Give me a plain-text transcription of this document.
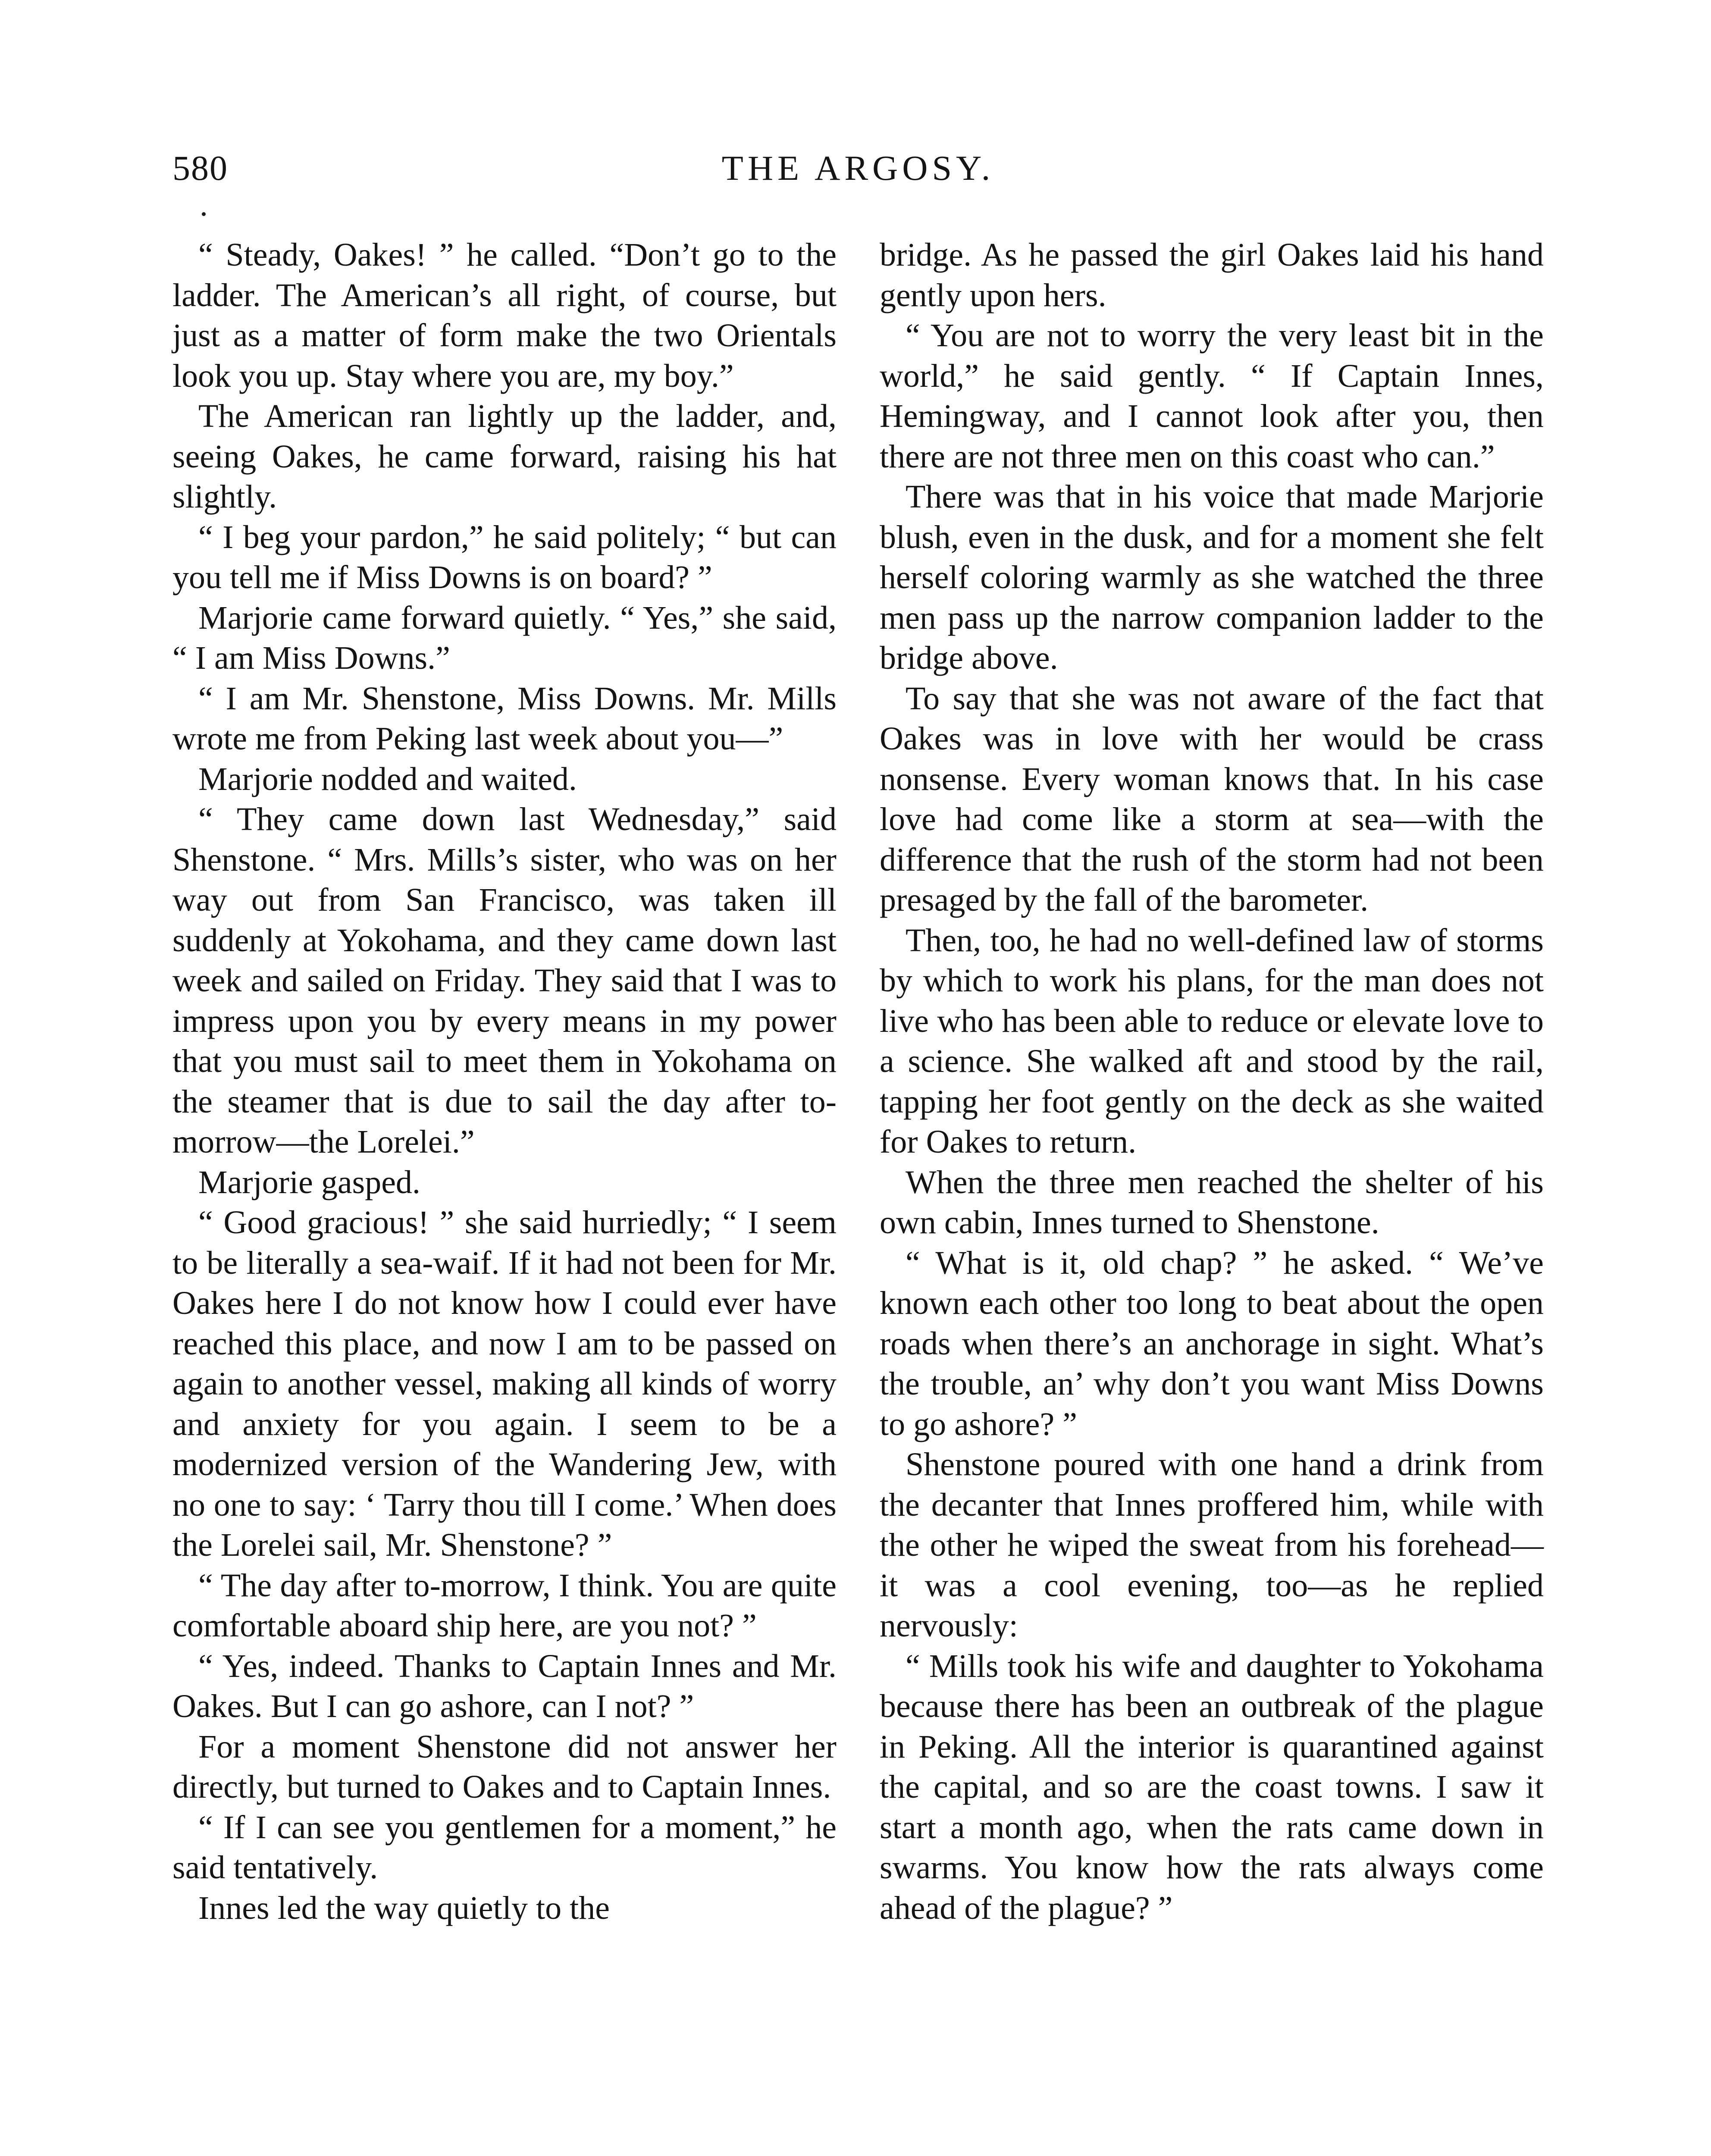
580	THE ARGOSY.

“ Steady, Oakes! ” he called. “Don’t go to the ladder. The American’s all right, of course, but just as a matter of form make the two Orientals look you up. Stay where you are, my boy.”

The American ran lightly up the ladder, and, seeing Oakes, he came forward, raising his hat slightly.

“ I beg your pardon,” he said politely; “ but can you tell me if Miss Downs is on board? ”

Marjorie came forward quietly. “ Yes,” she said, “ I am Miss Downs.”

“ I am Mr. Shenstone, Miss Downs. Mr. Mills wrote me from Peking last week about you—”

Marjorie nodded and waited.

“ They came down last Wednesday,” said Shenstone. “ Mrs. Mills’s sister, who was on her way out from San Francisco, was taken ill suddenly at Yokohama, and they came down last week and sailed on Friday. They said that I was to impress upon you by every means in my power that you must sail to meet them in Yokohama on the steamer that is due to sail the day after to-morrow—the Lorelei.”

Marjorie gasped.

“ Good gracious! ” she said hurriedly; “ I seem to be literally a sea-waif. If it had not been for Mr. Oakes here I do not know how I could ever have reached this place, and now I am to be passed on again to another vessel, making all kinds of worry and anxiety for you again. I seem to be a modernized version of the Wandering Jew, with no one to say: ‘ Tarry thou till I come.’ When does the Lorelei sail, Mr. Shenstone? ”

“ The day after to-morrow, I think. You are quite comfortable aboard ship here, are you not? ”

“ Yes, indeed. Thanks to Captain Innes and Mr. Oakes. But I can go ashore, can I not? ”

For a moment Shenstone did not answer her directly, but turned to Oakes and to Captain Innes.

“ If I can see you gentlemen for a moment,” he said tentatively.

Innes led the way quietly to the

bridge. As he passed the girl Oakes laid his hand gently upon hers.

“ You are not to worry the very least bit in the world,” he said gently. “ If Captain Innes, Hemingway, and I cannot look after you, then there are not three men on this coast who can.”

There was that in his voice that made Marjorie blush, even in the dusk, and for a moment she felt herself coloring warmly as she watched the three men pass up the narrow companion ladder to the bridge above.

To say that she was not aware of the fact that Oakes was in love with her would be crass nonsense. Every woman knows that. In his case love had come like a storm at sea—with the difference that the rush of the storm had not been presaged by the fall of the barometer.

Then, too, he had no well-defined law of storms by which to work his plans, for the man does not live who has been able to reduce or elevate love to a science. She walked aft and stood by the rail, tapping her foot gently on the deck as she waited for Oakes to return.

When the three men reached the shelter of his own cabin, Innes turned to Shenstone.

“ What is it, old chap? ” he asked. “ We’ve known each other too long to beat about the open roads when there’s an anchorage in sight. What’s the trouble, an’ why don’t you want Miss Downs to go ashore? ”

Shenstone poured with one hand a drink from the decanter that Innes proffered him, while with the other he wiped the sweat from his forehead—it was a cool evening, too—as he replied nervously:

“ Mills took his wife and daughter to Yokohama because there has been an outbreak of the plague in Peking. All the interior is quarantined against the capital, and so are the coast towns. I saw it start a month ago, when the rats came down in swarms. You know how the rats always come ahead of the plague? ”
